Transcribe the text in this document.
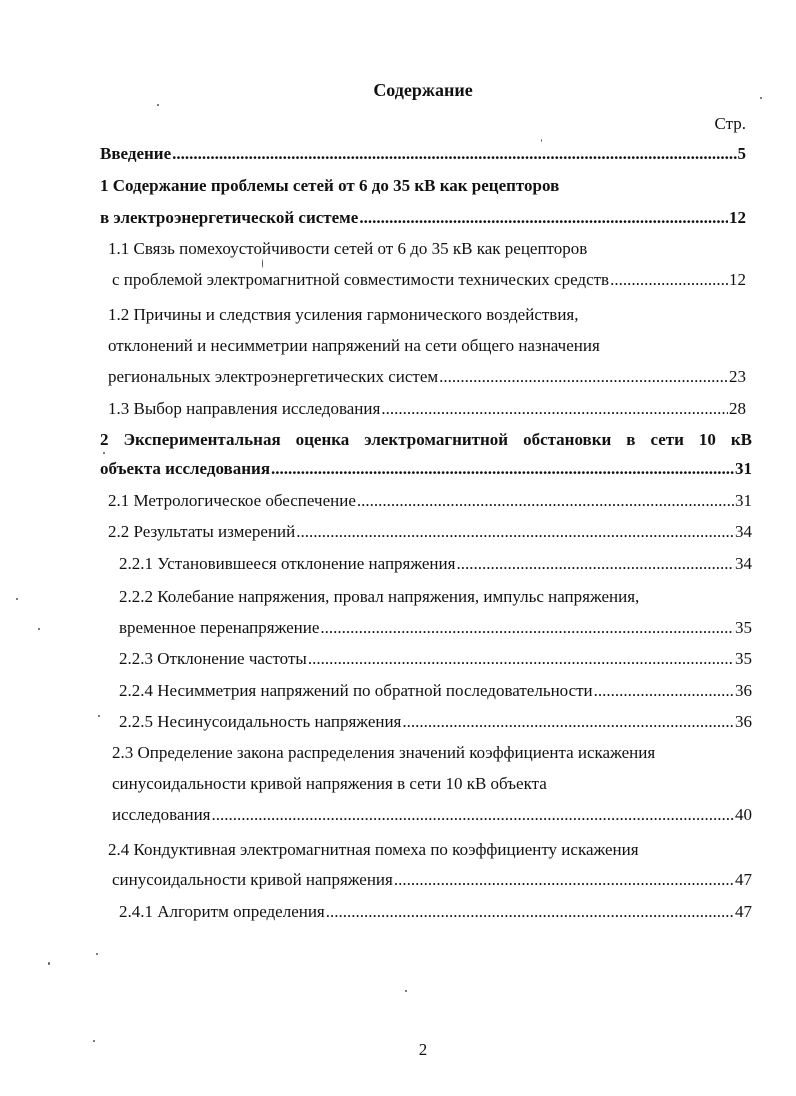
Содержание
Стр.
Введение .....	5
1 Содержание проблемы сетей от 6 до 35 кВ как рецепторов
в электроэнергетической системе .....	12
1.1 Связь помехоустойчивости сетей от 6 до 35 кВ как рецепторов
с проблемой электромагнитной совместимости технических средств .....	12
1.2 Причины и следствия усиления гармонического воздействия,
отклонений и несимметрии напряжений на сети общего назначения
региональных электроэнергетических систем .....	23
1.3 Выбор направления исследования .....	28
2 Экспериментальная оценка электромагнитной обстановки в сети 10 кВ
объекта исследования .....	31
2.1 Метрологическое обеспечение .....	31
2.2 Результаты измерений .....	34
2.2.1 Установившееся отклонение напряжения .....	34
2.2.2 Колебание напряжения, провал напряжения, импульс напряжения,
временное перенапряжение .....	35
2.2.3 Отклонение частоты .....	35
2.2.4 Несимметрия напряжений по обратной последовательности .....	36
2.2.5 Несинусоидальность напряжения .....	36
2.3 Определение закона распределения значений коэффициента искажения
синусоидальности кривой напряжения в сети 10 кВ объекта
исследования .....	40
2.4 Кондуктивная электромагнитная помеха по коэффициенту искажения
синусоидальности кривой напряжения .....	47
2.4.1 Алгоритм определения .....	47
2
